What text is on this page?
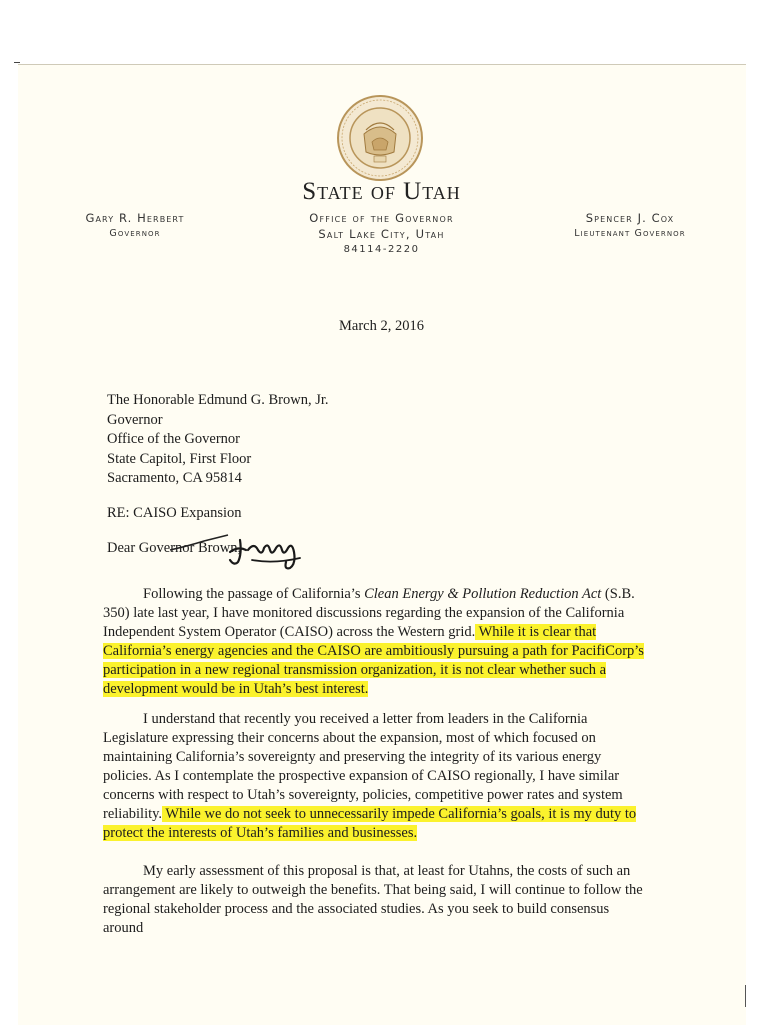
State of Utah
Gary R. Herbert
Governor
Office of the Governor
Salt Lake City, Utah
84114-2220
Spencer J. Cox
Lieutenant Governor
March 2, 2016
The Honorable Edmund G. Brown, Jr.
Governor
Office of the Governor
State Capitol, First Floor
Sacramento, CA 95814
RE: CAISO Expansion
Dear Governor Brown,
Following the passage of California’s Clean Energy & Pollution Reduction Act (S.B. 350) late last year, I have monitored discussions regarding the expansion of the California Independent System Operator (CAISO) across the Western grid. While it is clear that California’s energy agencies and the CAISO are ambitiously pursuing a path for PacifiCorp’s participation in a new regional transmission organization, it is not clear whether such a development would be in Utah’s best interest.
I understand that recently you received a letter from leaders in the California Legislature expressing their concerns about the expansion, most of which focused on maintaining California’s sovereignty and preserving the integrity of its various energy policies. As I contemplate the prospective expansion of CAISO regionally, I have similar concerns with respect to Utah’s sovereignty, policies, competitive power rates and system reliability. While we do not seek to unnecessarily impede California’s goals, it is my duty to protect the interests of Utah’s families and businesses.
My early assessment of this proposal is that, at least for Utahns, the costs of such an arrangement are likely to outweigh the benefits. That being said, I will continue to follow the regional stakeholder process and the associated studies. As you seek to build consensus around
